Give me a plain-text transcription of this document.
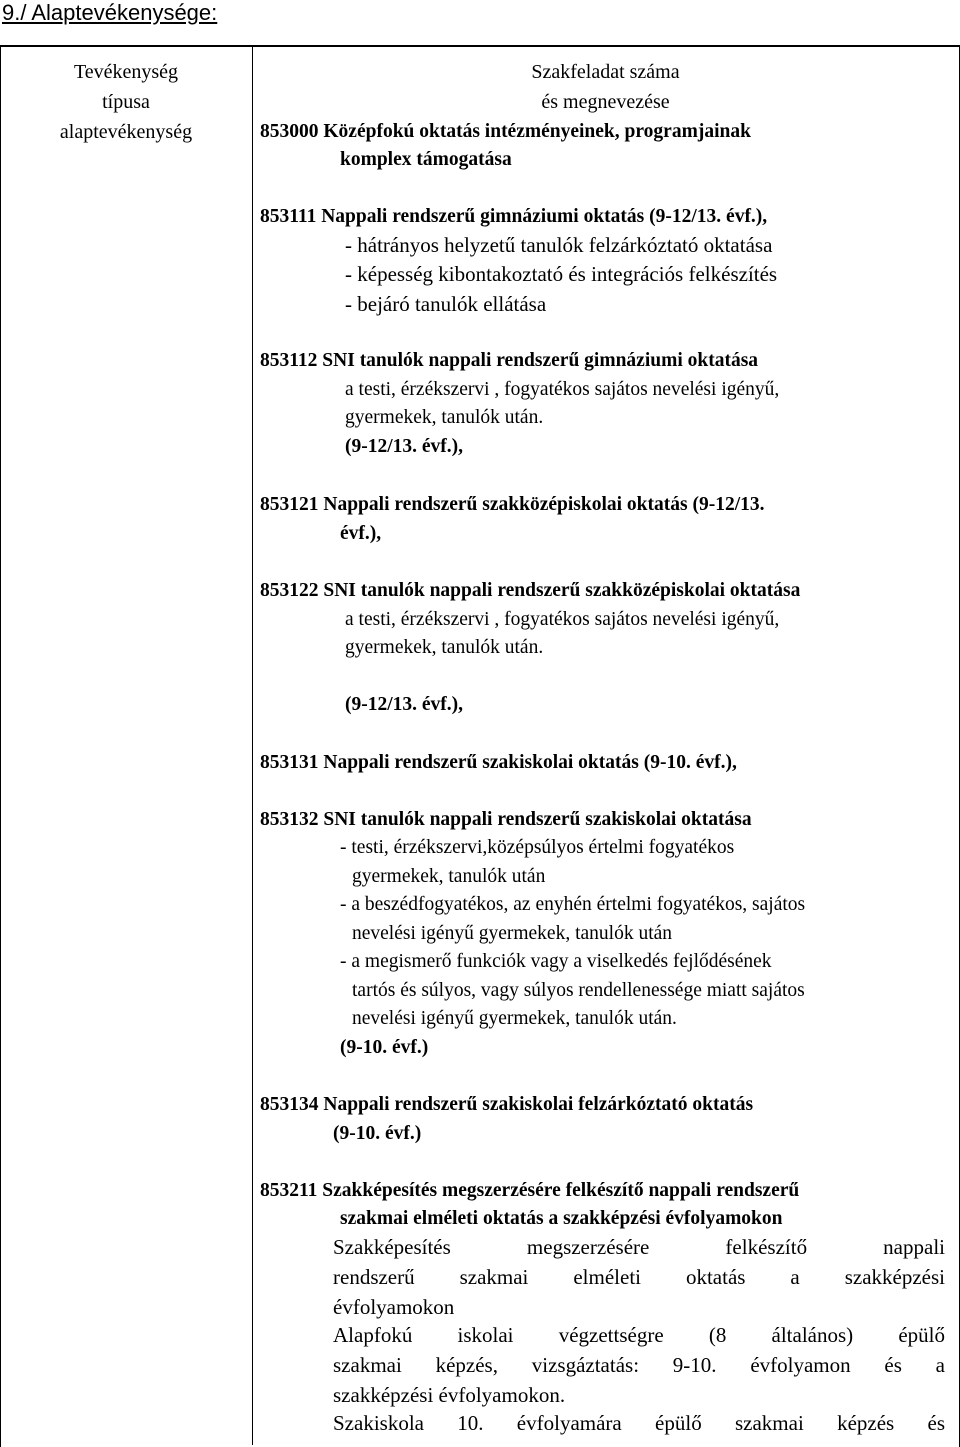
9./ Alaptevékenysége:
Tevékenység
típusa
alaptevékenység
Szakfeladat száma
és megnevezése
853000 Középfokú oktatás intézményeinek, programjainak
komplex támogatása
853111 Nappali rendszerű gimnáziumi oktatás (9-12/13. évf.),
- hátrányos helyzetű tanulók felzárkóztató oktatása
- képesség kibontakoztató és integrációs felkészítés
- bejáró tanulók ellátása
853112 SNI tanulók nappali rendszerű gimnáziumi oktatása
a testi, érzékszervi , fogyatékos sajátos nevelési igényű,
gyermekek, tanulók után.
(9-12/13. évf.),
853121 Nappali rendszerű szakközépiskolai oktatás (9-12/13.
évf.),
853122 SNI tanulók nappali rendszerű szakközépiskolai oktatása
a testi, érzékszervi , fogyatékos sajátos nevelési igényű,
gyermekek, tanulók után.
(9-12/13. évf.),
853131 Nappali rendszerű szakiskolai oktatás (9-10. évf.),
853132 SNI tanulók nappali rendszerű szakiskolai oktatása
- testi, érzékszervi,középsúlyos értelmi fogyatékos
gyermekek, tanulók után
- a beszédfogyatékos, az enyhén értelmi fogyatékos, sajátos
nevelési igényű gyermekek, tanulók után
- a megismerő funkciók vagy a viselkedés fejlődésének
tartós és súlyos, vagy súlyos rendellenessége miatt sajátos
nevelési igényű gyermekek, tanulók után.
(9-10. évf.)
853134 Nappali rendszerű szakiskolai felzárkóztató oktatás
(9-10. évf.)
853211 Szakképesítés megszerzésére felkészítő nappali rendszerű
szakmai elméleti oktatás a szakképzési évfolyamokon
Szakképesítés megszerzésére felkészítő nappali
rendszerű szakmai elméleti oktatás a szakképzési
évfolyamokon
Alapfokú iskolai végzettségre (8 általános) épülő
szakmai képzés, vizsgáztatás: 9-10. évfolyamon és a
szakképzési évfolyamokon.
Szakiskola 10. évfolyamára épülő szakmai képzés és
